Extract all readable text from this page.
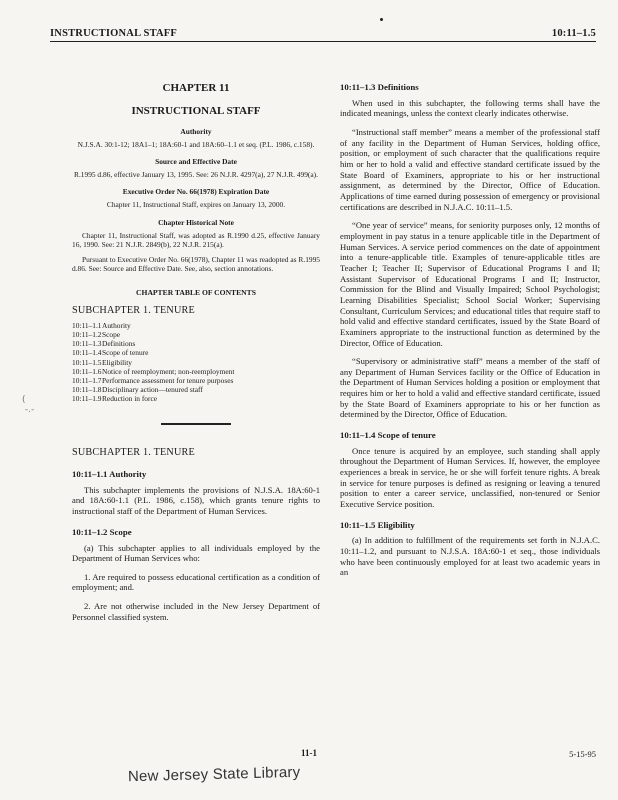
INSTRUCTIONAL STAFF	10:11–1.5
(
-.-
CHAPTER 11
INSTRUCTIONAL STAFF
Authority
N.J.S.A. 30:1-12; 18A1–1; 18A:60-1 and 18A:60–1.1 et seq. (P.L. 1986, c.158).
Source and Effective Date
R.1995 d.86, effective January 13, 1995. See: 26 N.J.R. 4297(a), 27 N.J.R. 499(a).
Executive Order No. 66(1978) Expiration Date
Chapter 11, Instructional Staff, expires on January 13, 2000.
Chapter Historical Note
Chapter 11, Instructional Staff, was adopted as R.1990 d.25, effective January 16, 1990. See: 21 N.J.R. 2849(b), 22 N.J.R. 215(a).
Pursuant to Executive Order No. 66(1978), Chapter 11 was readopted as R.1995 d.86. See: Source and Effective Date. See, also, section annotations.
CHAPTER TABLE OF CONTENTS
SUBCHAPTER 1. TENURE
10:11–1.1 Authority
10:11–1.2 Scope
10:11–1.3 Definitions
10:11–1.4 Scope of tenure
10:11–1.5 Eligibility
10:11–1.6 Notice of reemployment; non-reemployment
10:11–1.7 Performance assessment for tenure purposes
10:11–1.8 Disciplinary action—tenured staff
10:11–1.9 Reduction in force
SUBCHAPTER 1. TENURE
10:11–1.1 Authority

This subchapter implements the provisions of N.J.S.A. 18A:60-1 and 18A:60-1.1 (P.L. 1986, c.158), which grants tenure rights to instructional staff of the Department of Human Services.

10:11–1.2 Scope

(a) This subchapter applies to all individuals employed by the Department of Human Services who:

1. Are required to possess educational certification as a condition of employment; and.

2. Are not otherwise included in the New Jersey Department of Personnel classified system.

10:11–1.3 Definitions

When used in this subchapter, the following terms shall have the indicated meanings, unless the context clearly indicates otherwise.

“Instructional staff member” means a member of the professional staff of any facility in the Department of Human Services, holding office, position, or employment of such character that the qualifications require him or her to hold a valid and effective standard certificate issued by the State Board of Examiners, appropriate to his or her instructional assignment, as determined by the Director, Office of Education. Applications of time earned during possession of emergency or provisional certifications are described in N.J.A.C. 10:11–1.5.

“One year of service” means, for seniority purposes only, 12 months of employment in pay status in a tenure applicable title in the Department of Human Services. A service period commences on the date of appointment into a tenure-applicable title. Examples of tenure-applicable titles are Teacher I; Teacher II; Supervisor of Educational Programs I and II; Assistant Supervisor of Educational Programs I and II; Instructor, Commission for the Blind and Visually Impaired; School Psychologist; Learning Disabilities Specialist; School Social Worker; Supervising Consultant, Curriculum Services; and educational titles that require staff to hold valid and effective standard certificates, issued by the State Board of Examiners appropriate to the instructional function as determined by the Director, Office of Education.

“Supervisory or administrative staff” means a member of the staff of any Department of Human Services facility or the Office of Education in the Department of Human Services holding a position or employment that requires him or her to hold a valid and effective standard certificate, issued by the State Board of Examiners appropriate to his or her function as determined by the Director, Office of Education.

10:11–1.4 Scope of tenure

Once tenure is acquired by an employee, such standing shall apply throughout the Department of Human Services. If, however, the employee experiences a break in service, he or she will forfeit tenure rights. A break in service for tenure purposes is defined as resigning or leaving a tenured position to enter a career service, unclassified, non-tenured or Senior Executive Service position.

10:11–1.5 Eligibility

(a) In addition to fulfillment of the requirements set forth in N.J.A.C. 10:11–1.2, and pursuant to N.J.S.A. 18A:60-1 et seq., those individuals who have been continuously employed for at least two academic years in an

11-1	5-15-95
New Jersey State Library
